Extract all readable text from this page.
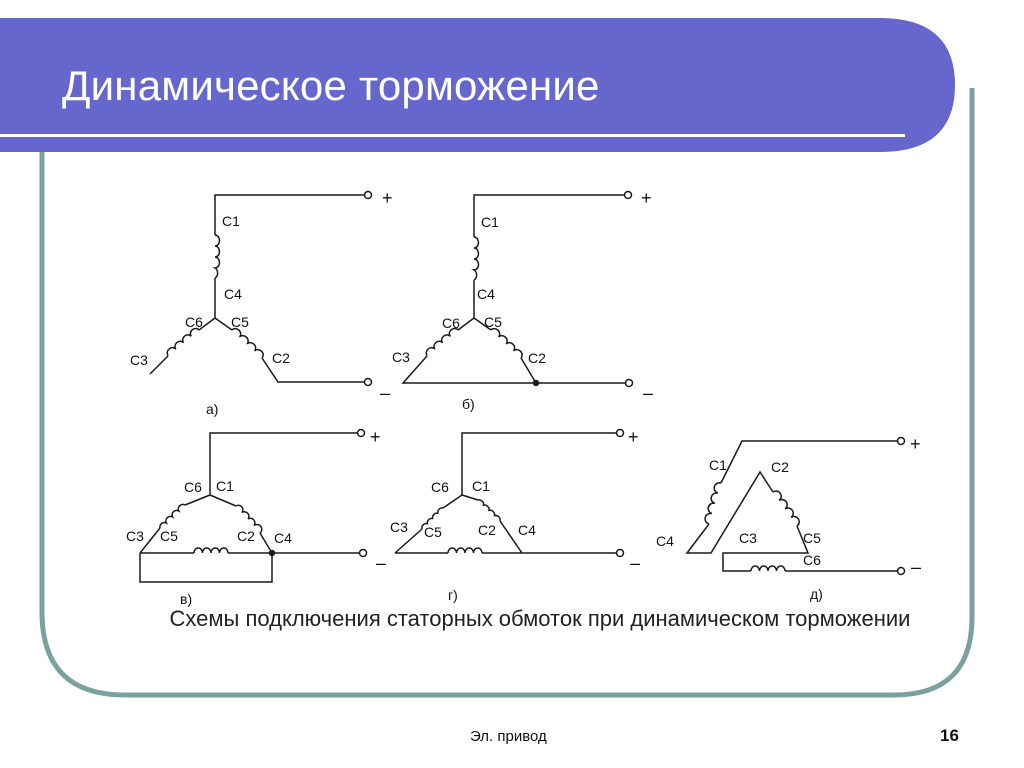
С1
С4
С6 С5
С3	С2
+
–
а)
С1
С4
С6 С5
С3	С2
+
–
б)
С6 С1
С3 С5	С2 С4
+
–
в)
С6 С1
С3 С5	С2 С4
+
–
г)
С1	С2
С4	С3	С5
С6
+
–
д)
Динамическое торможение
Схемы подключения статорных обмоток при динамическом торможении
Эл. привод	16
